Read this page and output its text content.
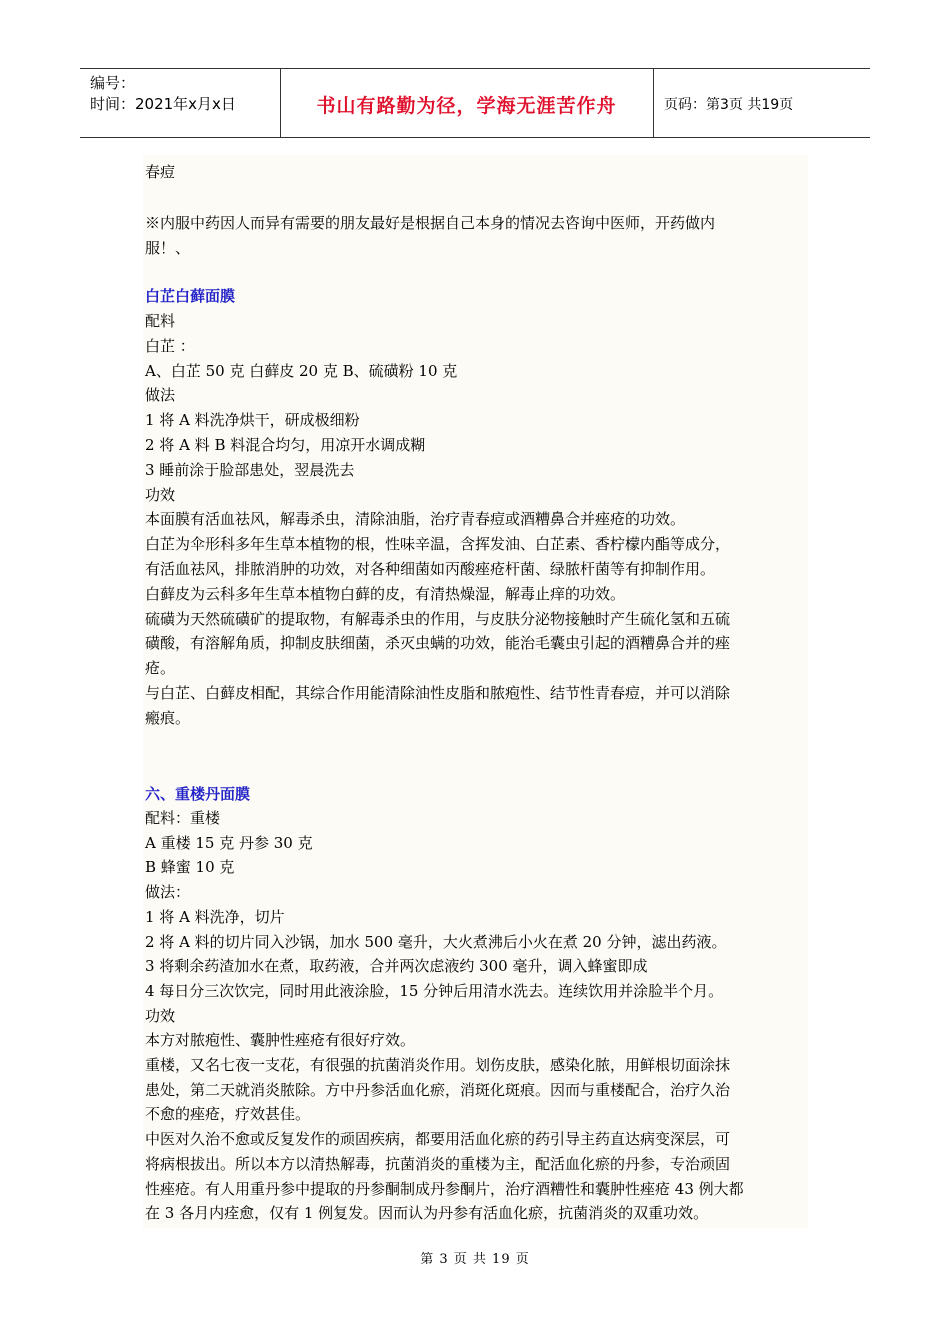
编号：
时间：2021年x月x日	书山有路勤为径，学海无涯苦作舟	页码：第3页 共19页
春痘
※内服中药因人而异有需要的朋友最好是根据自己本身的情况去咨询中医师，开药做内
服！、
白芷白藓面膜
配料
白芷 ：
A、白芷 50 克 白藓皮 20 克 B、硫磺粉 10 克
做法
1 将 A 料洗净烘干，研成极细粉
2 将 A 料 B 料混合均匀，用凉开水调成糊
3 睡前涂于脸部患处，翌晨洗去
功效
本面膜有活血祛风，解毒杀虫，清除油脂，治疗青春痘或酒糟鼻合并痤疮的功效。
白芷为伞形科多年生草本植物的根，性味辛温，含挥发油、白芷素、香柠檬内酯等成分，
有活血祛风，排脓消肿的功效，对各种细菌如丙酸痤疮杆菌、绿脓杆菌等有抑制作用。
白藓皮为云科多年生草本植物白藓的皮，有清热燥湿，解毒止痒的功效。
硫磺为天然硫磺矿的提取物，有解毒杀虫的作用，与皮肤分泌物接触时产生硫化氢和五硫
磺酸，有溶解角质，抑制皮肤细菌，杀灭虫螨的功效，能治毛囊虫引起的酒糟鼻合并的痤
疮。
与白芷、白藓皮相配，其综合作用能清除油性皮脂和脓疱性、结节性青春痘，并可以消除
瘢痕。
六、重楼丹面膜
配料：重楼
A 重楼 15 克 丹参 30 克
B 蜂蜜 10 克
做法：
1 将 A 料洗净，切片
2 将 A 料的切片同入沙锅，加水 500 毫升，大火煮沸后小火在煮 20 分钟，滤出药液。
3 将剩余药渣加水在煮，取药液，合并两次虑液约 300 毫升，调入蜂蜜即成
4 每日分三次饮完，同时用此液涂脸，15 分钟后用清水洗去。连续饮用并涂脸半个月。
功效
本方对脓疱性、囊肿性痤疮有很好疗效。
重楼，又名七夜一支花，有很强的抗菌消炎作用。划伤皮肤，感染化脓，用鲜根切面涂抹
患处，第二天就消炎脓除。方中丹参活血化瘀，消斑化斑痕。因而与重楼配合，治疗久治
不愈的痤疮，疗效甚佳。
中医对久治不愈或反复发作的顽固疾病，都要用活血化瘀的药引导主药直达病变深层，可
将病根拔出。所以本方以清热解毒，抗菌消炎的重楼为主，配活血化瘀的丹参，专治顽固
性痤疮。有人用重丹参中提取的丹参酮制成丹参酮片，治疗酒糟性和囊肿性痤疮 43 例大都
在 3 各月内痊愈，仅有 1 例复发。因而认为丹参有活血化瘀，抗菌消炎的双重功效。
第 3 页 共 19 页
